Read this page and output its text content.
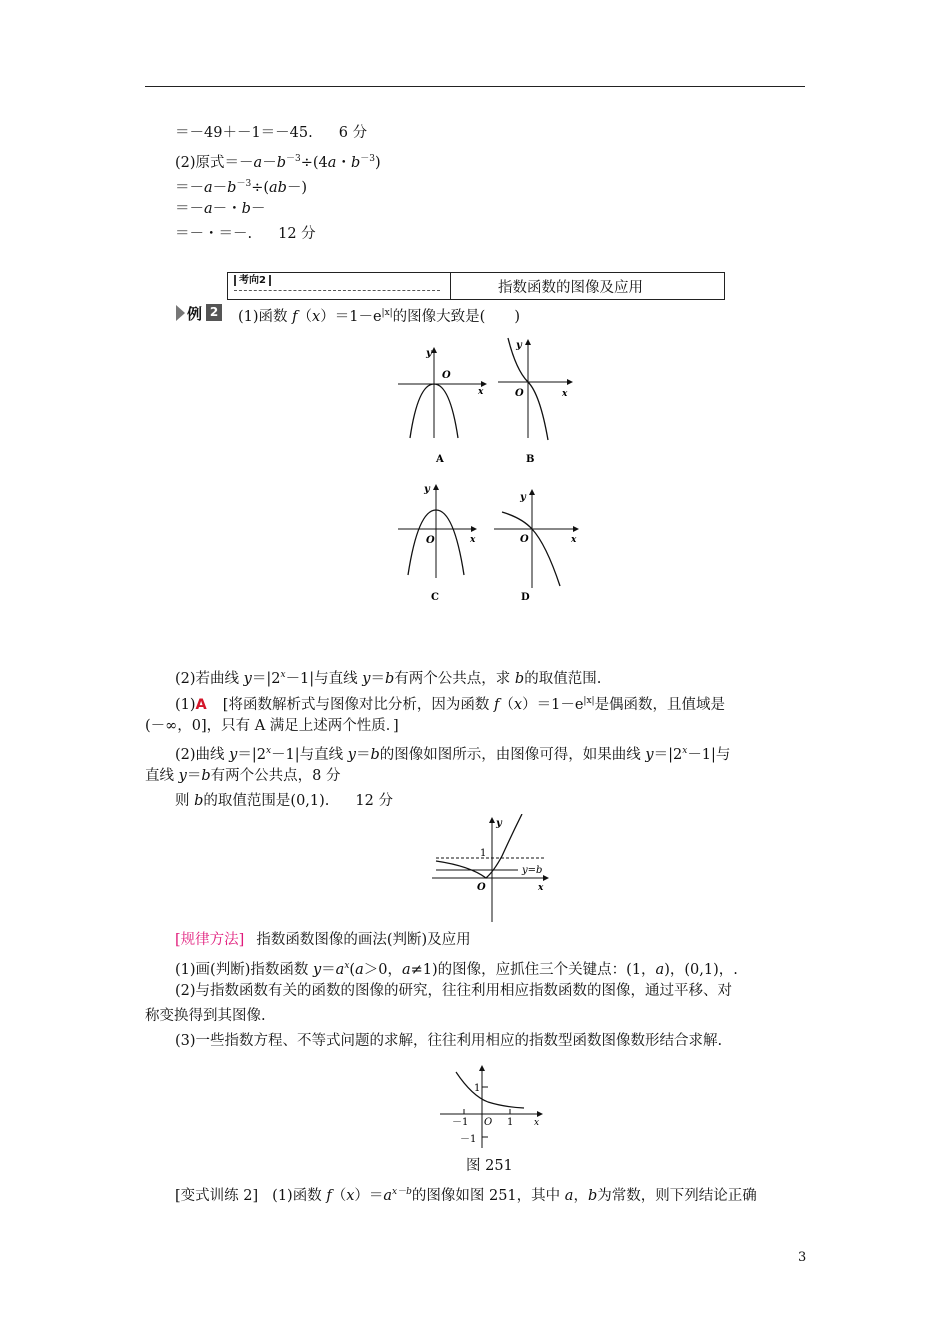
＝－49＋－1＝－45. 6 分
(2)原式$=-a-b^{-3}\div(4a$・$b^{-3}$)
$=-a-b^{-3}\div(ab-)$
＝－a－・b－
＝－・＝－. 12 分
考向2	指数函数的图像及应用
例 2 (1)函数 $f(x)=1-e^{|x|}$的图像大致是(　　)
y
O
x
A
y
O	x
B
y
O	x
C
y
O	x
D
(2)若曲线 $y=|2^x-1|$与直线 y＝b有两个公共点，求 b的取值范围.
(1)A [将函数解析式与图像对比分析，因为函数 $f(x)=1-e^{|x|}$是偶函数，且值域是
(－∞，0]，只有 A 满足上述两个性质．]
(2)曲线 $y=|2^x-1|$与直线 y＝b的图像如图所示，由图像可得，如果曲线 $y=|2^x-1|$与
直线 y＝b有两个公共点，8 分
则 b的取值范围是(0,1). 12 分
y
1
y=b
O	x
[规律方法] 指数函数图像的画法(判断)及应用
(1)画(判断)指数函数 $y=a^x(a>0$，a≠1)的图像，应抓住三个关键点：(1，a)，(0,1)，.
(2)与指数函数有关的函数的图像的研究，往往利用相应指数函数的图像，通过平移、对
称变换得到其图像.
(3)一些指数方程、不等式问题的求解，往往利用相应的指数型函数图像数形结合求解.
1
－1 O 1 x
－1
图 251
[变式训练 2] (1)函数 $f(x)=a^{x-b}$的图像如图 251，其中 a，b为常数，则下列结论正确
3
